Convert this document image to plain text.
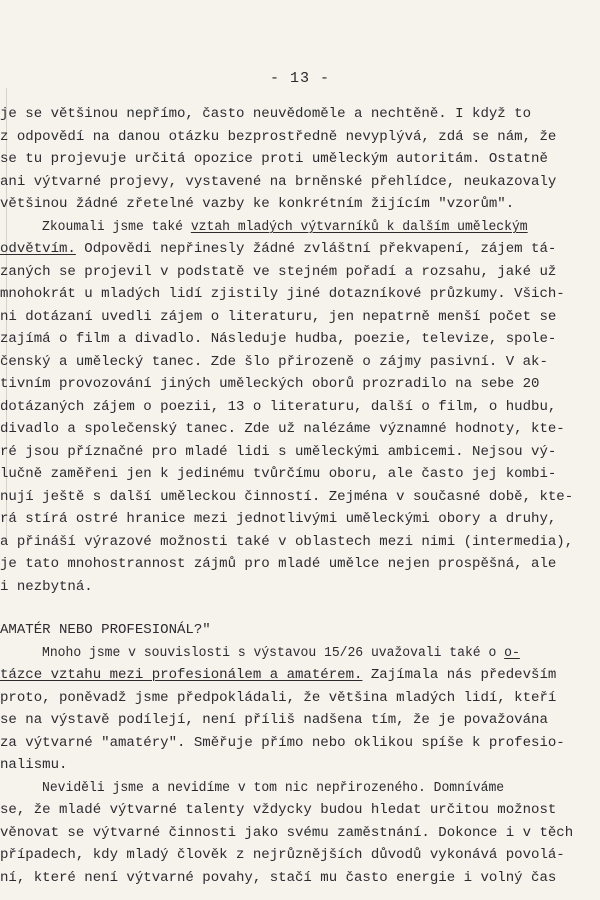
- 13 -
je se většinou nepřímo, často neuvědoměle a nechtěně. I když to
z odpovědí na danou otázku bezprostředně nevyplývá, zdá se nám, že
se tu projevuje určitá opozice proti uměleckým autoritám. Ostatně
ani výtvarné projevy, vystavené na brněnské přehlídce, neukazovaly
většinou žádné zřetelné vazby ke konkrétním žijícím "vzorům".
Zkoumali jsme také vztah mladých výtvarníků k dalším uměleckým
odvětvím. Odpovědi nepřinesly žádné zvláštní překvapení, zájem tá-
zaných se projevil v podstatě ve stejném pořadí a rozsahu, jaké už
mnohokrát u mladých lidí zjistily jiné dotazníkové průzkumy. Všich-
ni dotázaní uvedli zájem o literaturu, jen nepatrně menší počet se
zajímá o film a divadlo. Následuje hudba, poezie, televize, spole-
čenský a umělecký tanec. Zde šlo přirozeně o zájmy pasivní. V ak-
tivním provozování jiných uměleckých oborů prozradilo na sebe 20
dotázaných zájem o poezii, 13 o literaturu, další o film, o hudbu,
divadlo a společenský tanec. Zde už nalézáme významné hodnoty, kte-
ré jsou příznačné pro mladé lidi s uměleckými ambicemi. Nejsou vý-
lučně zaměřeni jen k jedinému tvůrčímu oboru, ale často jej kombi-
nují ještě s další uměleckou činností. Zejména v současné době, kte-
rá stírá ostré hranice mezi jednotlivými uměleckými obory a druhy,
a přináší výrazové možnosti také v oblastech mezi nimi (intermedia),
je tato mnohostrannost zájmů pro mladé umělce nejen prospěšná, ale
i nezbytná.
AMATÉR NEBO PROFESIONÁL?"
Mnoho jsme v souvislosti s výstavou 15/26 uvažovali také o o-
tázce vztahu mezi profesionálem a amatérem. Zajímala nás především
proto, poněvadž jsme předpokládali, že většina mladých lidí, kteří
se na výstavě podílejí, není příliš nadšena tím, že je považována
za výtvarné "amatéry". Směřuje přímo nebo oklikou spíše k profesio-
nalismu.
Neviděli jsme a nevidíme v tom nic nepřirozeného. Domníváme
se, že mladé výtvarné talenty vždycky budou hledat určitou možnost
věnovat se výtvarné činnosti jako svému zaměstnání. Dokonce i v těch
případech, kdy mladý člověk z nejrůznějších důvodů vykonává povolá-
ní, které není výtvarné povahy, stačí mu často energie i volný čas
